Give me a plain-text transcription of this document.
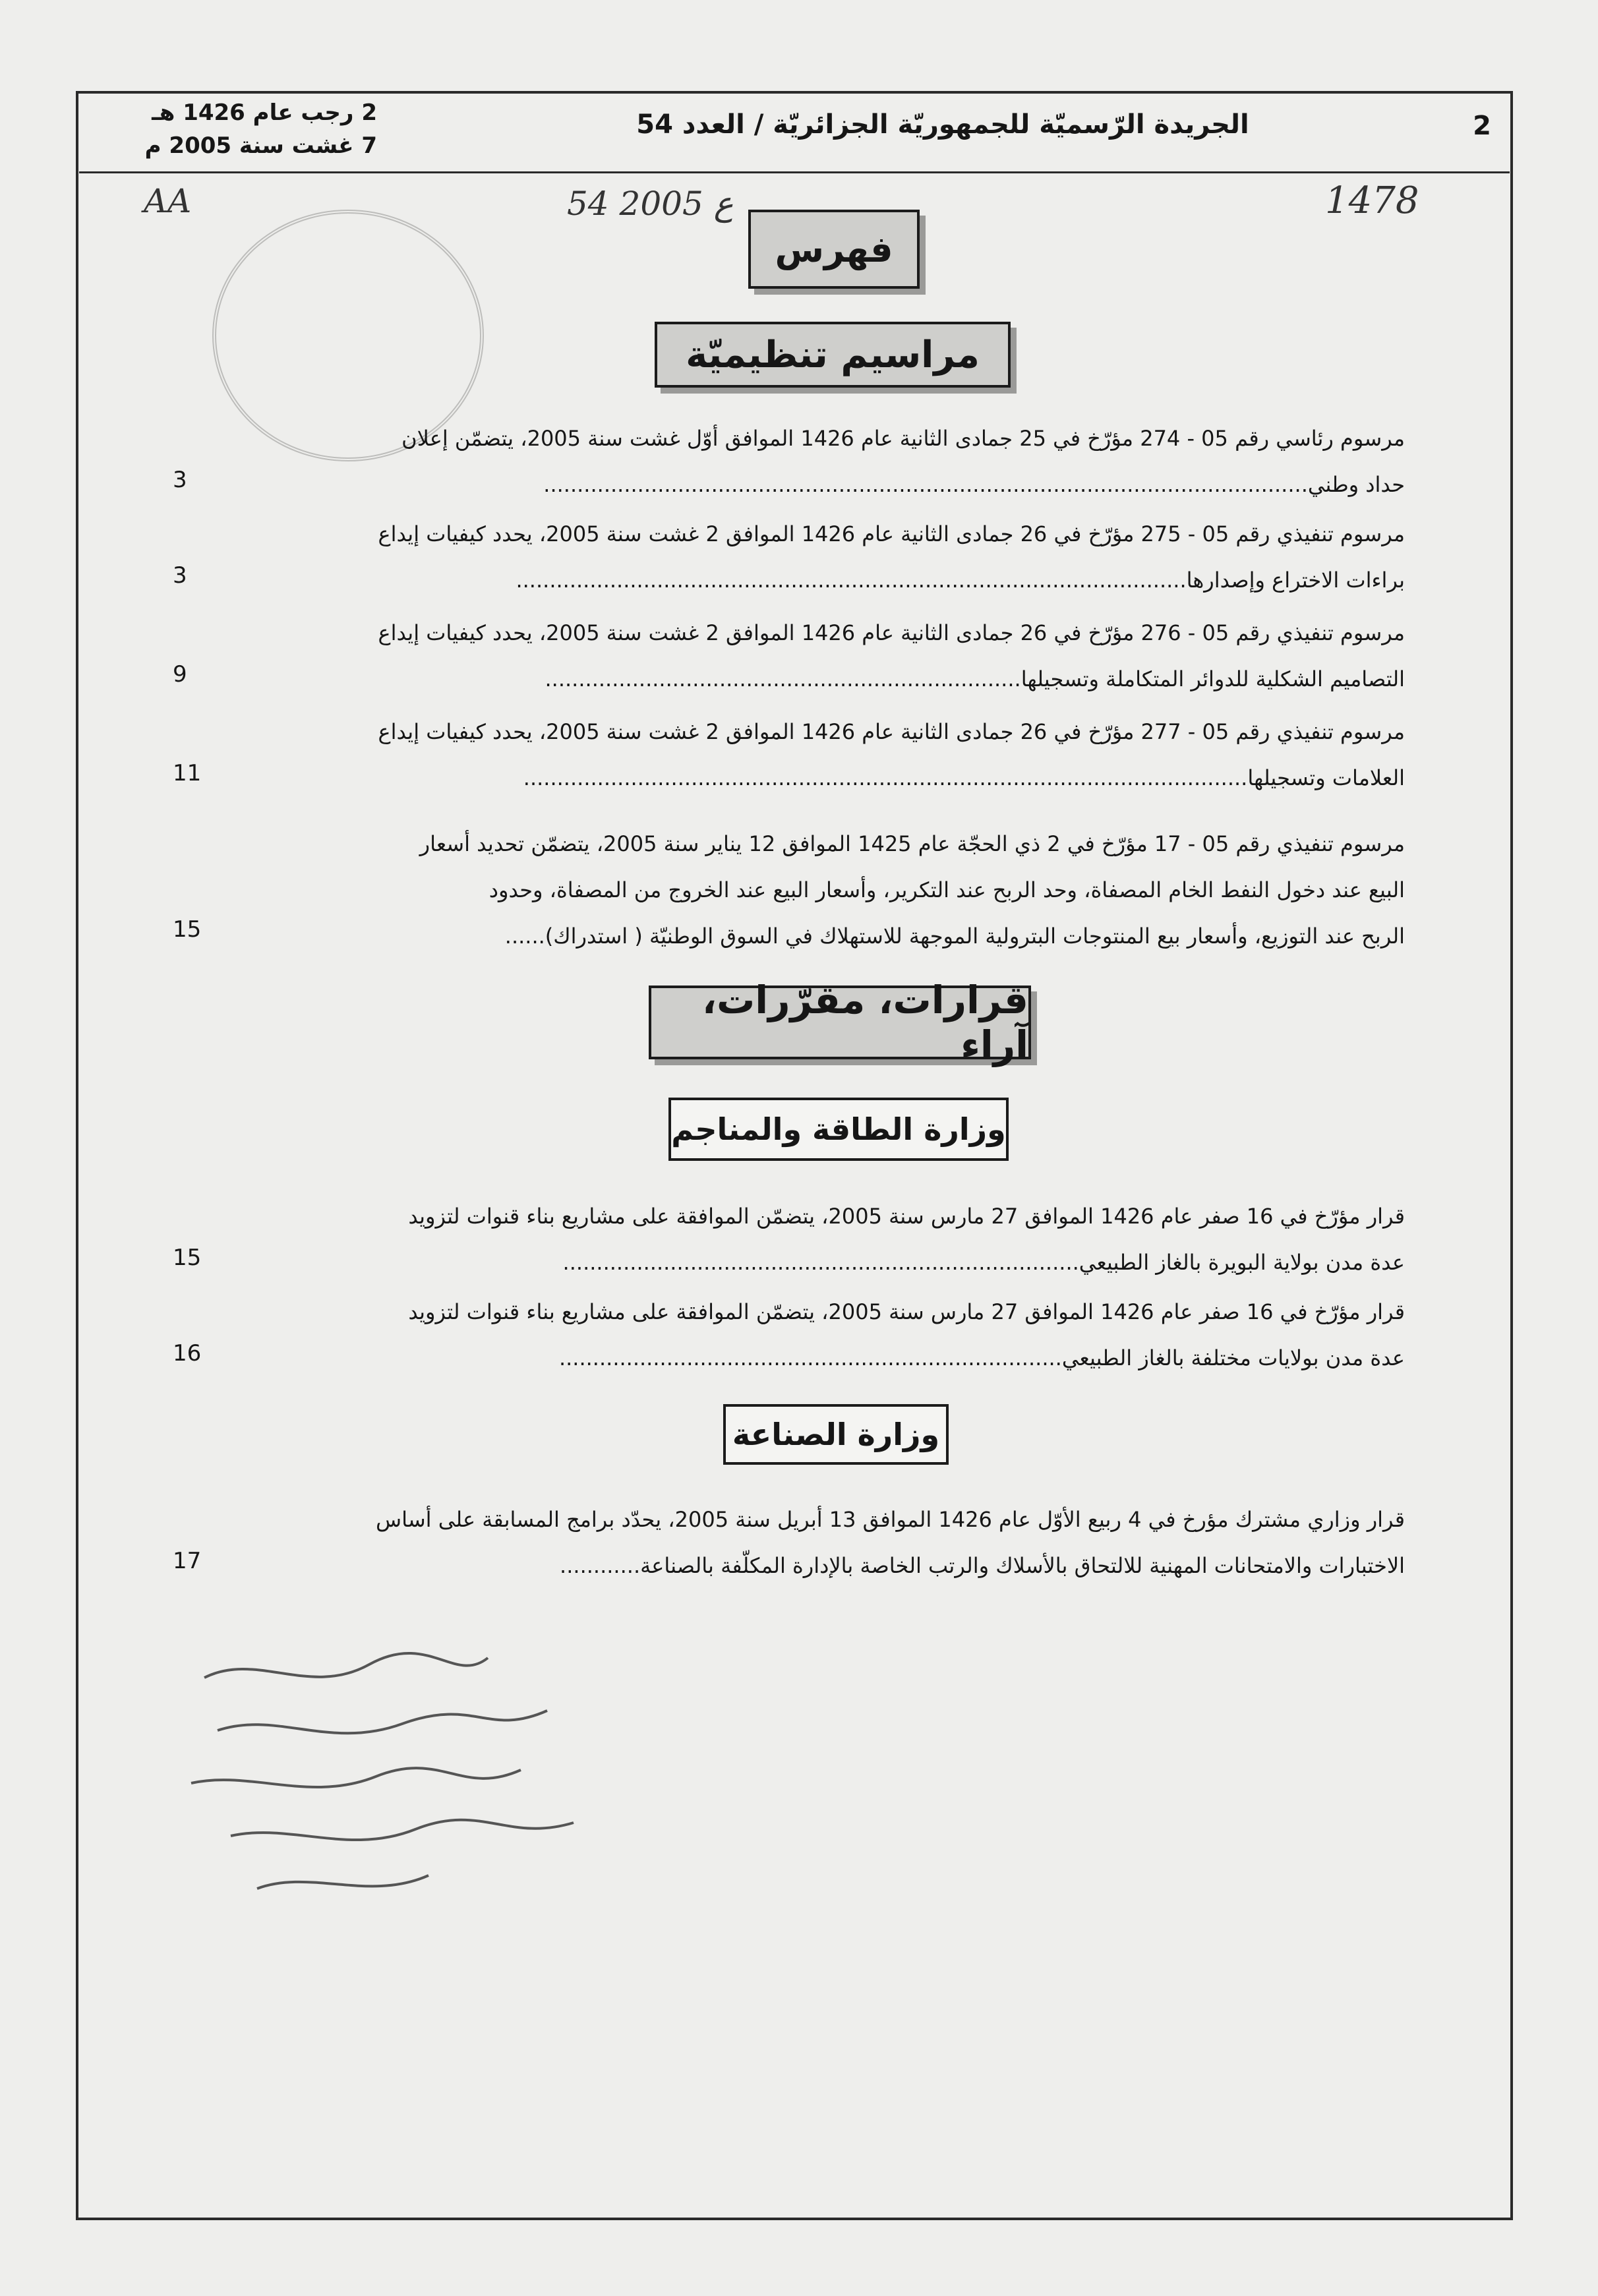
2
الجريدة الرّسميّة للجمهوريّة الجزائريّة / العدد 54
2 رجب عام 1426 هـ
7 غشت سنة 2005 م
AA	54 ع 2005	1478
فهرس
مراسيم تنظيميّة
مرسوم رئاسي رقم 05 - 274 مؤرّخ في 25 جمادى الثانية عام 1426 الموافق أوّل غشت سنة 2005، يتضمّن إعلان
حداد وطني..................................................................................................................
3
مرسوم تنفيذي رقم 05 - 275 مؤرّخ في 26 جمادى الثانية عام 1426 الموافق 2 غشت سنة 2005، يحدد كيفيات إيداع
براءات الاختراع وإصدارها....................................................................................................
3
مرسوم تنفيذي رقم 05 - 276 مؤرّخ في 26 جمادى الثانية عام 1426 الموافق 2 غشت سنة 2005، يحدد كيفيات إيداع
التصاميم الشكلية للدوائر المتكاملة وتسجيلها.......................................................................
9
مرسوم تنفيذي رقم 05 - 277 مؤرّخ في 26 جمادى الثانية عام 1426 الموافق 2 غشت سنة 2005، يحدد كيفيات إيداع
العلامات وتسجيلها............................................................................................................
11
مرسوم تنفيذي رقم 05 - 17 مؤرّخ في 2 ذي الحجّة عام 1425 الموافق 12 يناير سنة 2005، يتضمّن تحديد أسعار
البيع عند دخول النفط الخام المصفاة، وحد الربح عند التكرير، وأسعار البيع عند الخروج من المصفاة، وحدود
الربح عند التوزيع، وأسعار بيع المنتوجات البترولية الموجهة للاستهلاك في السوق الوطنيّة ( استدراك)......
15
قرارات، مقرّرات، آراء
وزارة الطاقة والمناجم
قرار مؤرّخ في 16 صفر عام 1426 الموافق 27 مارس سنة 2005، يتضمّن الموافقة على مشاريع بناء قنوات لتزويد
عدة مدن بولاية البويرة بالغاز الطبيعي.............................................................................
15
قرار مؤرّخ في 16 صفر عام 1426 الموافق 27 مارس سنة 2005، يتضمّن الموافقة على مشاريع بناء قنوات لتزويد
عدة مدن بولايات مختلفة بالغاز الطبيعي...........................................................................
16
وزارة الصناعة
قرار وزاري مشترك مؤرخ في 4 ربيع الأوّل عام 1426 الموافق 13 أبريل سنة 2005، يحدّد برامج المسابقة على أساس
الاختبارات والامتحانات المهنية للالتحاق بالأسلاك والرتب الخاصة بالإدارة المكلّفة بالصناعة............
17
